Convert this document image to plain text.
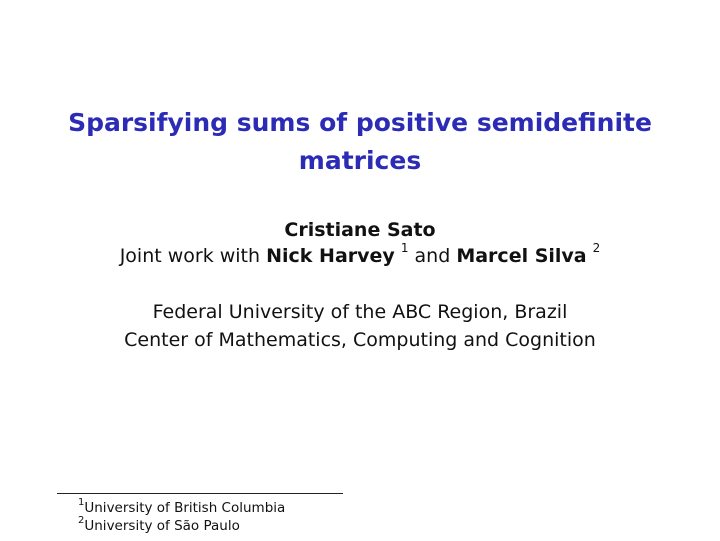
Sparsifying sums of positive semidefinite
matrices
Cristiane Sato
Joint work with Nick Harvey $^1$ and Marcel Silva $^2$
Federal University of the ABC Region, Brazil
Center of Mathematics, Computing and Cognition
$^1$University of British Columbia
$^2$University of São Paulo
